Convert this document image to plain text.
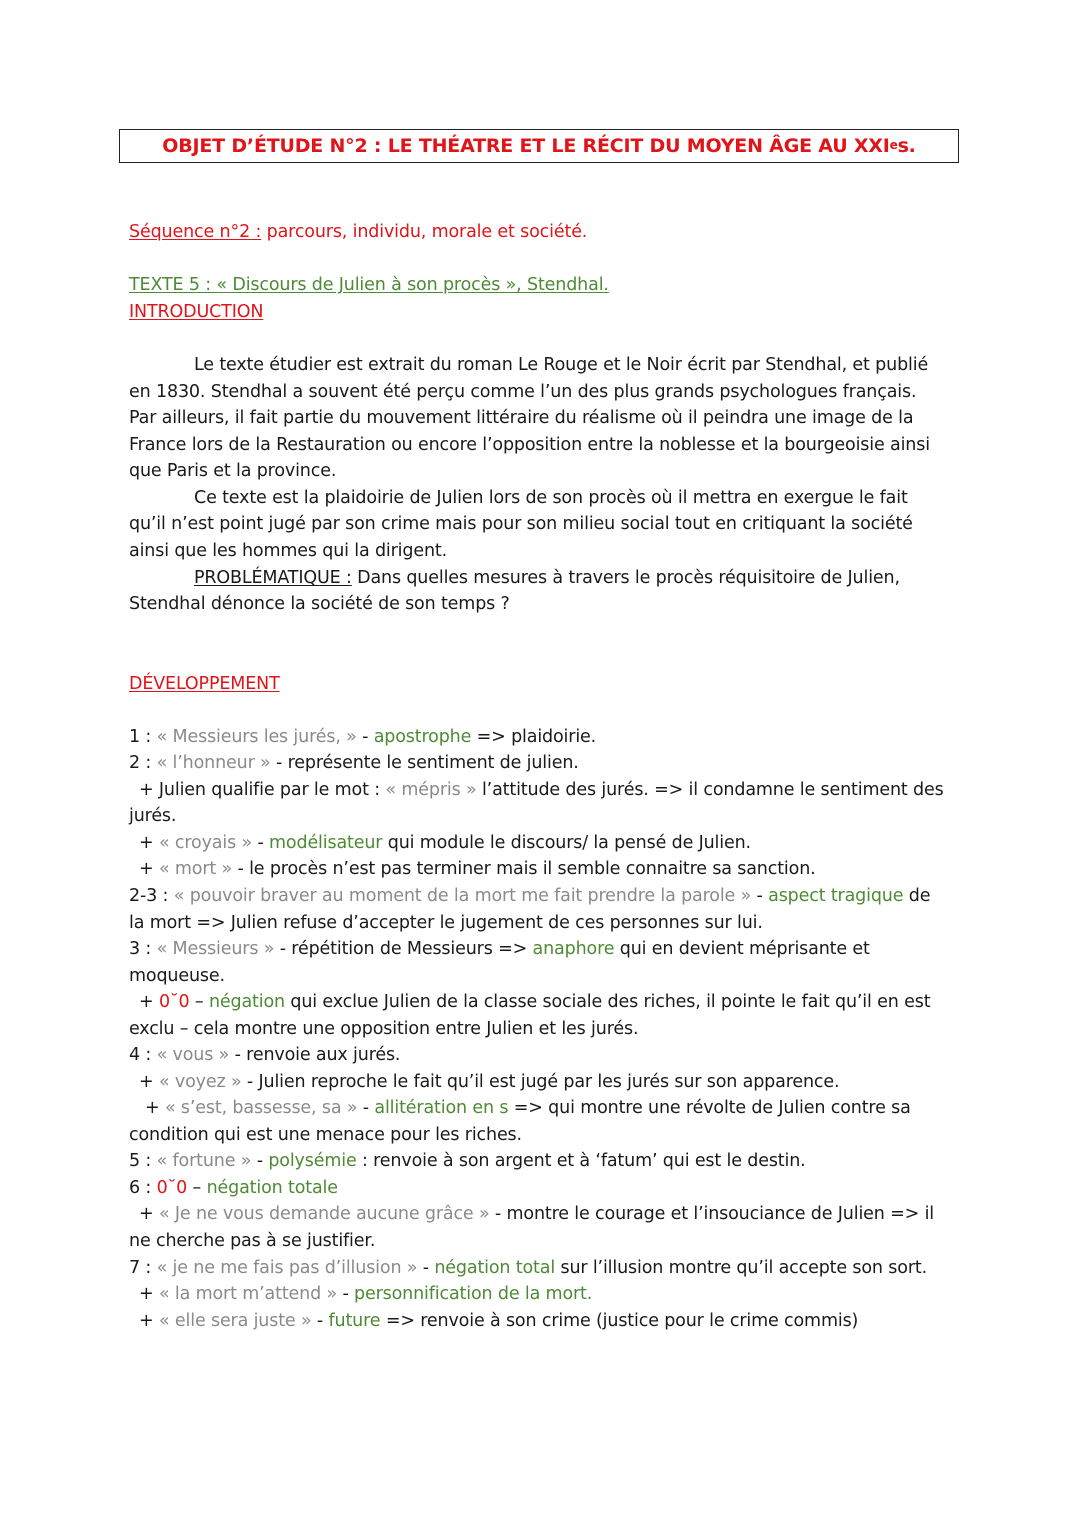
OBJET D’ÉTUDE N°2 : LE THÉATRE ET LE RÉCIT DU MOYEN ÂGE AU XXIe s.
Séquence n°2 : parcours, individu, morale et société.
TEXTE 5 : « Discours de Julien à son procès », Stendhal.
INTRODUCTION
Le texte étudier est extrait du roman Le Rouge et le Noir écrit par Stendhal, et publié
en 1830. Stendhal a souvent été perçu comme l’un des plus grands psychologues français.
Par ailleurs, il fait partie du mouvement littéraire du réalisme où il peindra une image de la
France lors de la Restauration ou encore l’opposition entre la noblesse et la bourgeoisie ainsi
que Paris et la province.
Ce texte est la plaidoirie de Julien lors de son procès où il mettra en exergue le fait
qu’il n’est point jugé par son crime mais pour son milieu social tout en critiquant la société
ainsi que les hommes qui la dirigent.
PROBLÉMATIQUE : Dans quelles mesures à travers le procès réquisitoire de Julien,
Stendhal dénonce la société de son temps ?
DÉVELOPPEMENT
1 : « Messieurs les jurés, » - apostrophe => plaidoirie.
2 : « l’honneur » - représente le sentiment de julien.
+ Julien qualifie par le mot : « mépris » l’attitude des jurés. => il condamne le sentiment des
jurés.
+ « croyais » - modélisateur qui module le discours/ la pensé de Julien.
+ « mort » - le procès n’est pas terminer mais il semble connaitre sa sanction.
2-3 : « pouvoir braver au moment de la mort me fait prendre la parole » - aspect tragique de
la mort => Julien refuse d’accepter le jugement de ces personnes sur lui.
3 : « Messieurs » - répétition de Messieurs => anaphore qui en devient méprisante et
moqueuse.
+ 0˘0 – négation qui exclue Julien de la classe sociale des riches, il pointe le fait qu’il en est
exclu – cela montre une opposition entre Julien et les jurés.
4 : « vous » - renvoie aux jurés.
+ « voyez » - Julien reproche le fait qu’il est jugé par les jurés sur son apparence.
+ « s’est, bassesse, sa » - allitération en s => qui montre une révolte de Julien contre sa
condition qui est une menace pour les riches.
5 : « fortune » - polysémie : renvoie à son argent et à ‘fatum’ qui est le destin.
6 : 0˘0 – négation totale
+ « Je ne vous demande aucune grâce » - montre le courage et l’insouciance de Julien => il
ne cherche pas à se justifier.
7 : « je ne me fais pas d’illusion » - négation total sur l’illusion montre qu’il accepte son sort.
+ « la mort m’attend » - personnification de la mort.
+ « elle sera juste » - future => renvoie à son crime (justice pour le crime commis)
